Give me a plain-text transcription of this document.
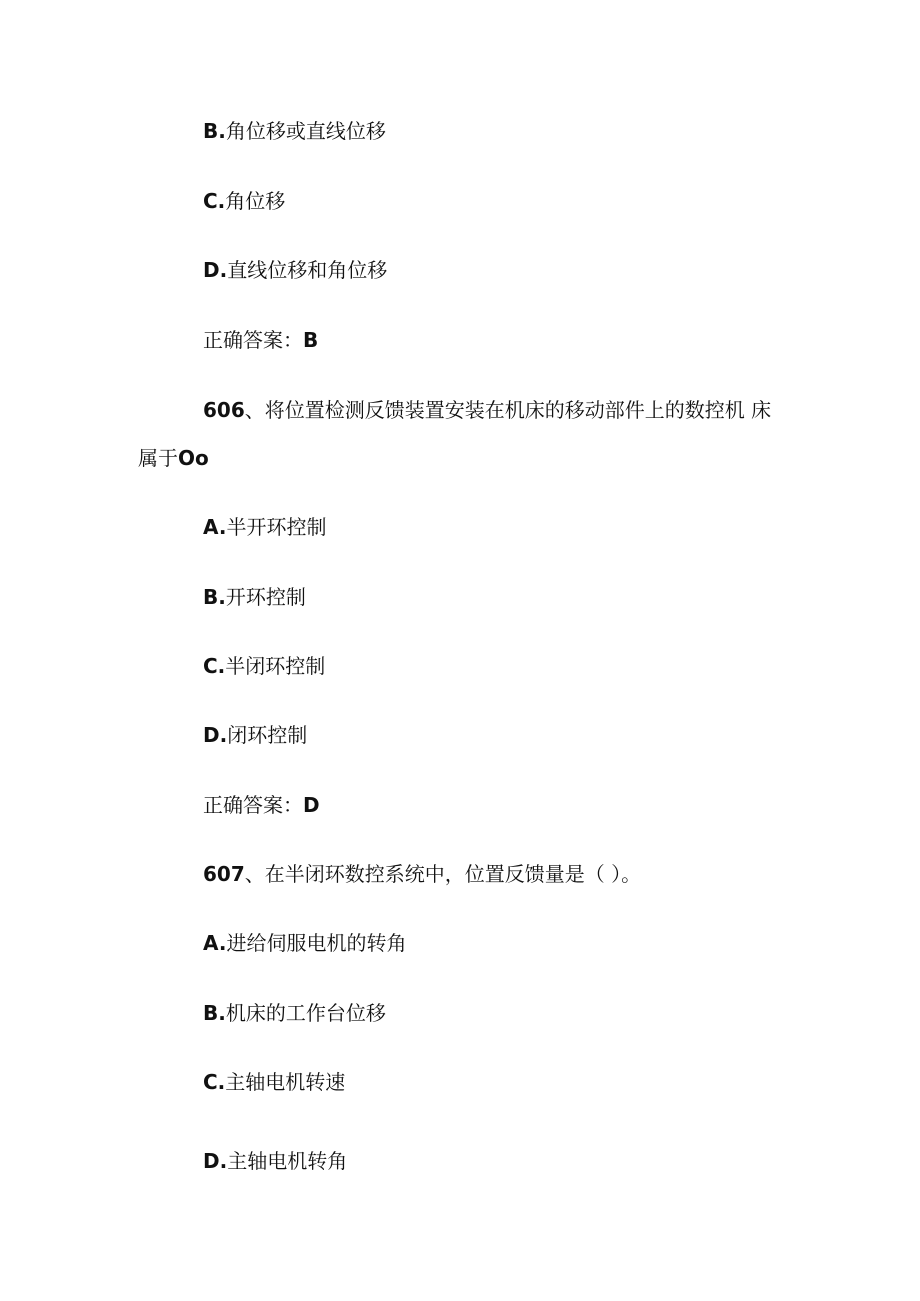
B.角位移或直线位移
C.角位移
D.直线位移和角位移
正确答案：B
606、将位置检测反馈装置安装在机床的移动部件上的数控机 床
属于Oo
A.半开环控制
B.开环控制
C.半闭环控制
D.闭环控制
正确答案：D
607、在半闭环数控系统中，位置反馈量是（ ）。
A.进给伺服电机的转角
B.机床的工作台位移
C.主轴电机转速
D.主轴电机转角
